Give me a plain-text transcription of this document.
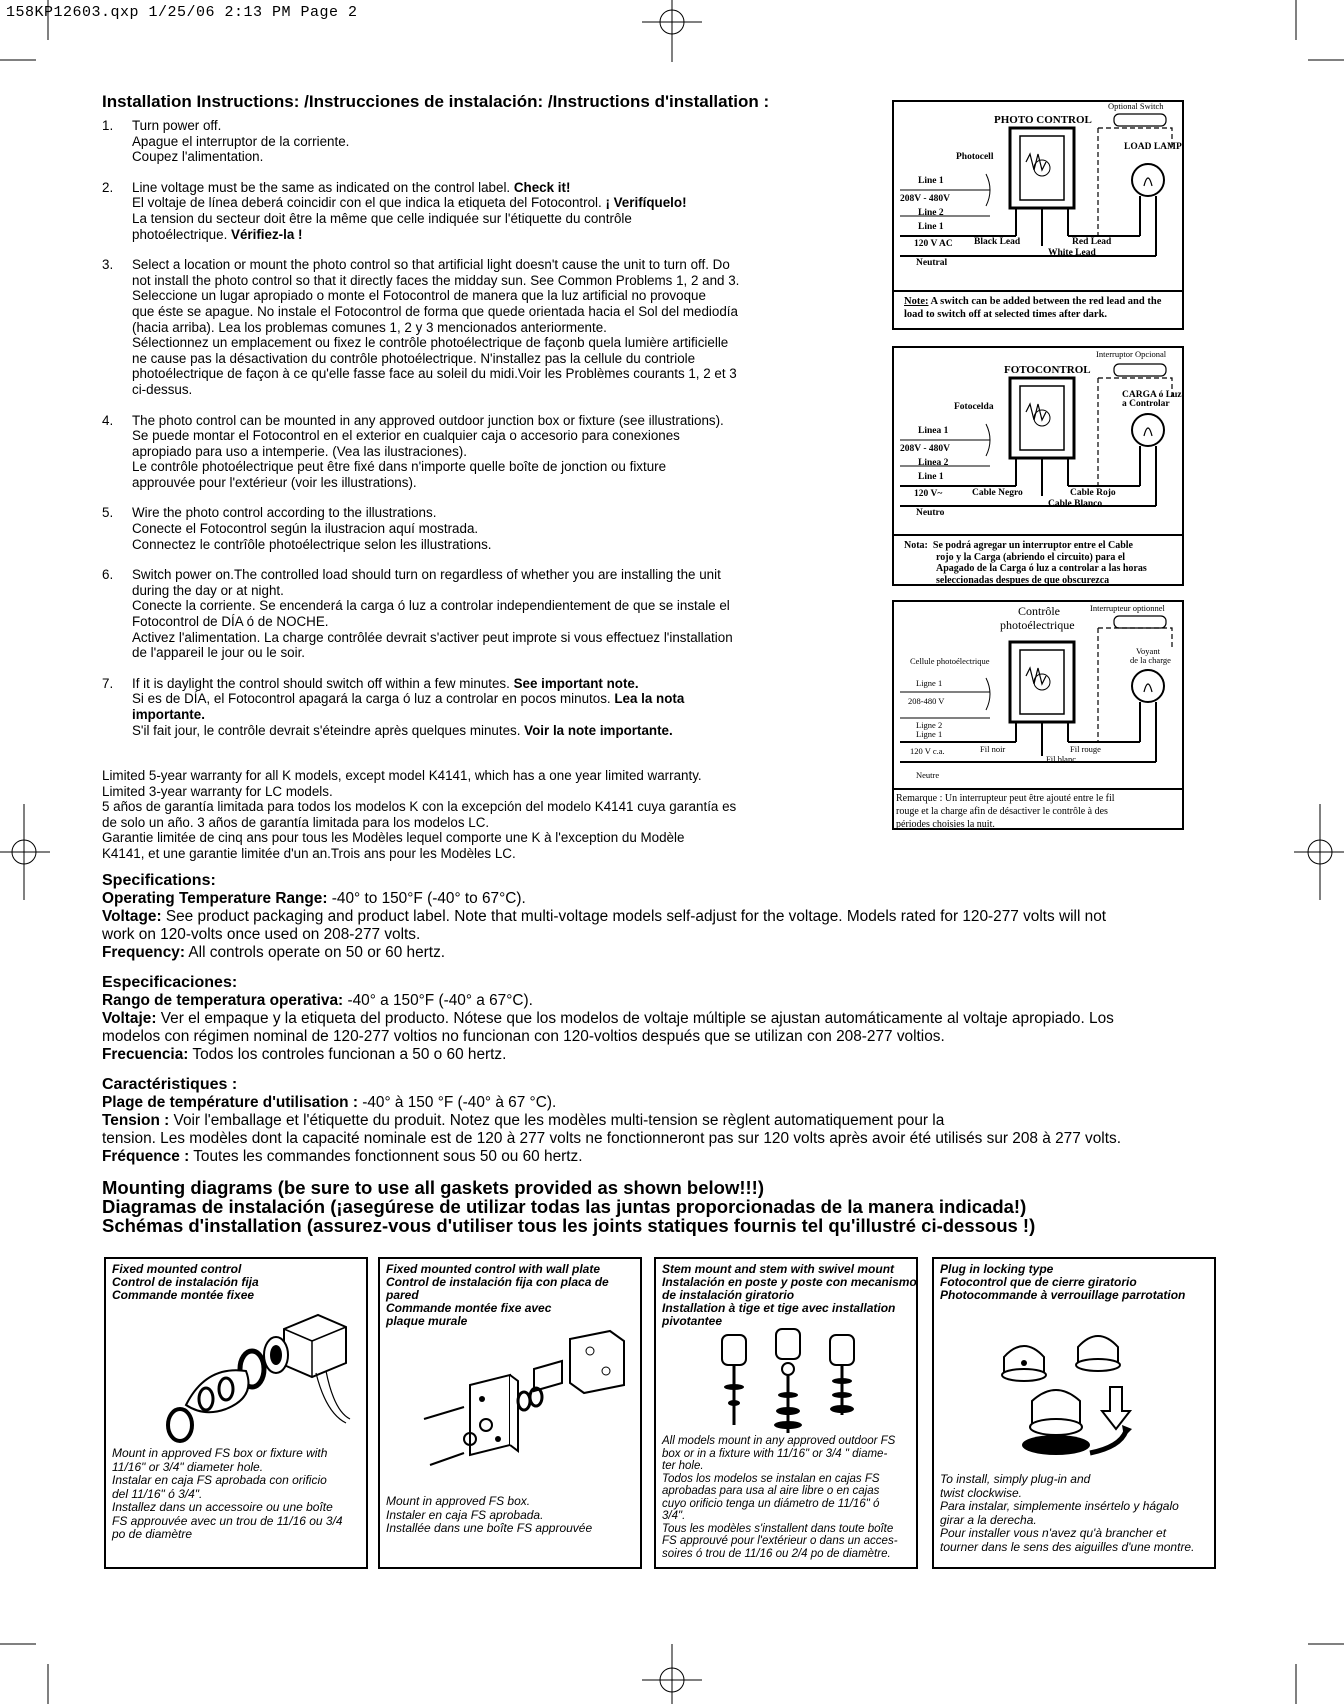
158KP12603.qxp 1/25/06 2:13 PM Page 2
Installation Instructions: /Instrucciones de instalación: /Instructions d'installation :
1.	Turn power off.
Apague el interruptor de la corriente.
Coupez l'alimentation.
2.	Line voltage must be the same as indicated on the control label. Check it!
El voltaje de línea deberá coincidir con el que indica la etiqueta del Fotocontrol. ¡ Verifíquelo!
La tension du secteur doit être la même que celle indiquée sur l'étiquette du contrôle
photoélectrique. Vérifiez-la !
3.	Select a location or mount the photo control so that artificial light doesn't cause the unit to turn off. Do
not install the photo control so that it directly faces the midday sun. See Common Problems 1, 2 and 3.
Seleccione un lugar apropiado o monte el Fotocontrol de manera que la luz artificial no provoque
que éste se apague. No instale el Fotocontrol de forma que quede orientada hacia el Sol del mediodía
(hacia arriba). Lea los problemas comunes 1, 2 y 3 mencionados anteriormente.
Sélectionnez un emplacement ou fixez le contrôle photoélectrique de façonb quela lumière artificielle
ne cause pas la désactivation du contrôle photoélectrique. N'installez pas la cellule du contriole
photoélectrique de façon à ce qu'elle fasse face au soleil du midi.Voir les Problèmes courants 1, 2 et 3
ci-dessus.
4.	The photo control can be mounted in any approved outdoor junction box or fixture (see illustrations).
Se puede montar el Fotocontrol en el exterior en cualquier caja o accesorio para conexiones
apropiado para uso a intemperie. (Vea las ilustraciones).
Le contrôle photoélectrique peut être fixé dans n'importe quelle boîte de jonction ou fixture
approuvée pour l'extérieur (voir les illustrations).
5.	Wire the photo control according to the illustrations.
Conecte el Fotocontrol según la ilustracion aquí mostrada.
Connectez le contrîôle photoélectrique selon les illustrations.
6.	Switch power on.The controlled load should turn on regardless of whether you are installing the unit
during the day or at night.
Conecte la corriente. Se encenderá la carga ó luz a controlar independientement de que se instale el
Fotocontrol de DÍA ó de NOCHE.
Activez l'alimentation. La charge contrôlée devrait s'activer peut improte si vous effectuez l'installation
de l'appareil le jour ou le soir.
7.	If it is daylight the control should switch off within a few minutes. See important note.
Si es de DÍA, el Fotocontrol apagará la carga ó luz a controlar en pocos minutos. Lea la nota
importante.
S'il fait jour, le contrôle devrait s'éteindre après quelques minutes. Voir la note importante.
Limited 5-year warranty for all K models, except model K4141, which has a one year limited warranty.
Limited 3-year warranty for LC models.
5 años de garantía limitada para todos los modelos K con la excepción del modelo K4141 cuya garantía es
de solo un año. 3 años de garantía limitada para los modelos LC.
Garantie limitée de cinq ans pour tous les Modèles lequel comporte une K à l'exception du Modèle
K4141, et une garantie limitée d'un an.Trois ans pour les Modèles LC.
Specifications:
Operating Temperature Range: -40° to 150°F (-40° to 67°C).
Voltage: See product packaging and product label. Note that multi-voltage models self-adjust for the voltage. Models rated for 120-277 volts will not
work on 120-volts once used on 208-277 volts.
Frequency: All controls operate on 50 or 60 hertz.
Especificaciones:
Rango de temperatura operativa: -40° a 150°F (-40° a 67°C).
Voltaje: Ver el empaque y la etiqueta del producto. Nótese que los modelos de voltaje múltiple se ajustan automáticamente al voltaje apropiado. Los
modelos con régimen nominal de 120-277 voltios no funcionan con 120-voltios después que se utilizan con 208-277 voltios.
Frecuencia: Todos los controles funcionan a 50 o 60 hertz.
Caractéristiques :
Plage de température d'utilisation : -40° à 150 °F (-40° à 67 °C).
Tension : Voir l'emballage et l'étiquette du produit. Notez que les modèles multi-tension se règlent automatiquement pour la
tension. Les modèles dont la capacité nominale est de 120 à 277 volts ne fonctionneront pas sur 120 volts après avoir été utilisés sur 208 à 277 volts.
Fréquence : Toutes les commandes fonctionnent sous 50 ou 60 hertz.
Mounting diagrams (be sure to use all gaskets provided as shown below!!!)
Diagramas de instalación (¡asegúrese de utilizar todas las juntas proporcionadas de la manera indicada!)
Schémas d'installation (assurez-vous d'utiliser tous les joints statiques fournis tel qu'illustré ci-dessous !)
Optional Switch
PHOTO CONTROL
Photocell
LOAD LAMP
Line 1
208V - 480V
Line 2
Line 1
120 V AC
Neutral
Black Lead	Red Lead
White Lead
Note: A switch can be added between the red lead and the load to switch off at selected times after dark.
Interruptor Opcional
FOTOCONTROL
Fotocelda
CARGA ó Luz
a Controlar
Linea 1
208V - 480V
Linea 2
Line 1
120 V~
Neutro
Cable Negro	Cable Rojo
Cable Blanco
Nota: Se podrá agregar un interruptor entre el Cable
rojo y la Carga (abriendo el circuito) para el
Apagado de la Carga ó luz a controlar a las horas
seleccionadas despues de que obscurezca
Interrupteur optionnel
Contrôle
photoélectrique
Cellule photoélectrique
Voyant
de la charge
Ligne 1
208-480 V
Ligne 2
Ligne 1
120 V c.a.
Neutre
Fil noir	Fil rouge
Fil blanc
Remarque : Un interrupteur peut être ajouté entre le fil
rouge et la charge afin de désactiver le contrôle à des
périodes choisies la nuit.
Fixed mounted control
Control de instalación fija
Commande montée fixee
Mount in approved FS box or fixture with
11/16" or 3/4" diameter hole.
Instalar en caja FS aprobada con orificio
del 11/16" ó 3/4".
Installez dans un accessoire ou une boîte
FS approuvée avec un trou de 11/16 ou 3/4
po de diamètre
Fixed mounted control with wall plate
Control de instalación fija con placa de
pared
Commande montée fixe avec
plaque murale
Mount in approved FS box.
Instaler en caja FS aprobada.
Installée dans une boîte FS approuvée
Stem mount and stem with swivel mount
Instalación en poste y poste con mecanismo
de instalación giratorio
Installation à tige et tige avec installation
pivotantee
All models mount in any approved outdoor FS
box or in a fixture with 11/16" or 3/4 " diame-
ter hole.
Todos los modelos se instalan en cajas FS
aprobadas para usa al aire libre o en cajas
cuyo orificio tenga un diámetro de 11/16" ó
3/4".
Tous les modèles s'installent dans toute boîte
FS approuvé pour l'extérieur o dans un acces-
soires ó trou de 11/16 ou 2/4 po de diamètre.
Plug in locking type
Fotocontrol que de cierre giratorio
Photocommande à verrouillage parrotation
To install, simply plug-in and
twist clockwise.
Para instalar, simplemente insértelo y hágalo
girar a la derecha.
Pour installer vous n'avez qu'à brancher et
tourner dans le sens des aiguilles d'une montre.
